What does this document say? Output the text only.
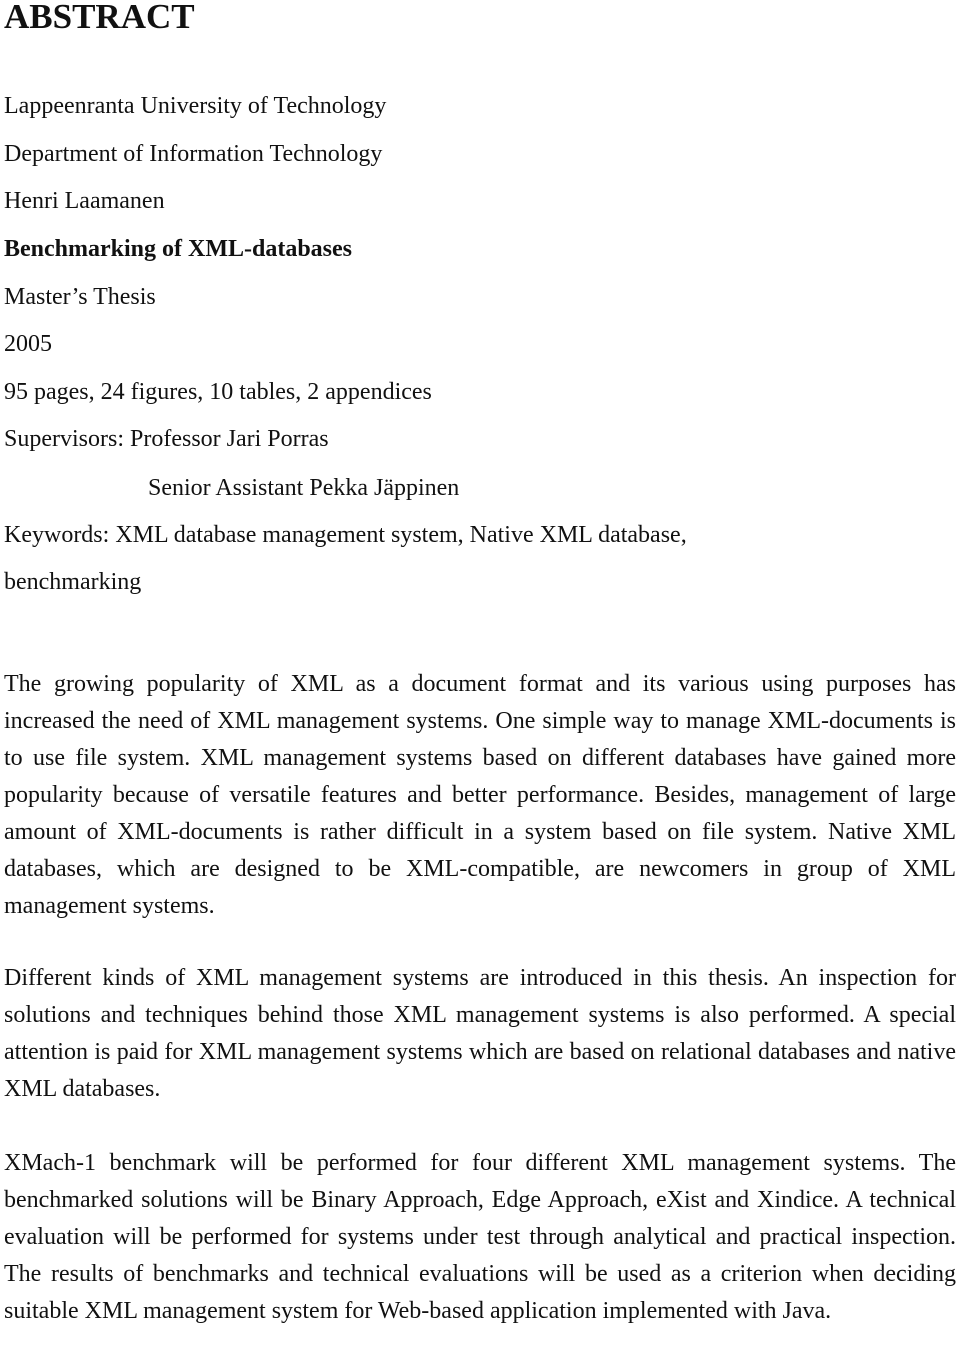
ABSTRACT
Lappeenranta University of Technology
Department of Information Technology
Henri Laamanen
Benchmarking of XML-databases
Master’s Thesis
2005
95 pages, 24 figures, 10 tables, 2 appendices
Supervisors: Professor Jari Porras
Senior Assistant Pekka Jäppinen
Keywords: XML database management system, Native XML database,
benchmarking

The growing popularity of XML as a document format and its various using purposes has increased the need of XML management systems. One simple way to manage XML-documents is to use file system. XML management systems based on different databases have gained more popularity because of versatile features and better performance. Besides, management of large amount of XML-documents is rather difficult in a system based on file system. Native XML databases, which are designed to be XML-compatible, are newcomers in group of XML management systems.

Different kinds of XML management systems are introduced in this thesis. An inspection for solutions and techniques behind those XML management systems is also performed. A special attention is paid for XML management systems which are based on relational databases and native XML databases.

XMach-1 benchmark will be performed for four different XML management systems. The benchmarked solutions will be Binary Approach, Edge Approach, eXist and Xindice. A technical evaluation will be performed for systems under test through analytical and practical inspection. The results of benchmarks and technical evaluations will be used as a criterion when deciding suitable XML management system for Web-based application implemented with Java.
